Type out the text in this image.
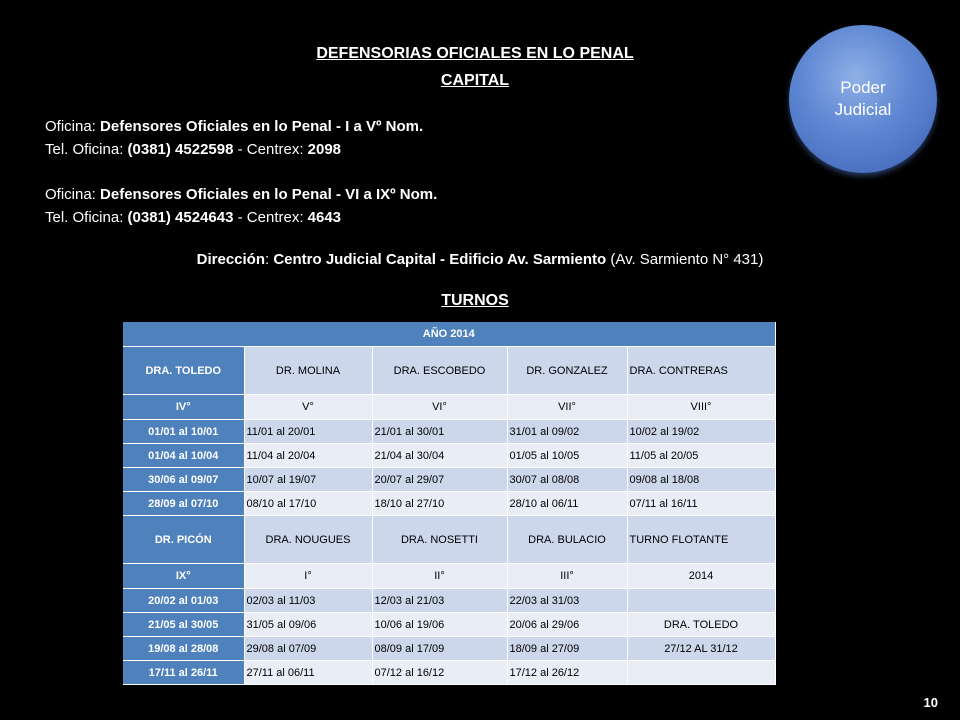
DEFENSORIAS OFICIALES EN LO PENAL
CAPITAL	Poder
Judicial
Oficina: Defensores Oficiales en lo Penal - I a Vº Nom.
Tel. Oficina: (0381) 4522598 - Centrex: 2098
Oficina: Defensores Oficiales en lo Penal - VI a IXº Nom.
Tel. Oficina: (0381) 4524643 - Centrex: 4643
Dirección: Centro Judicial Capital - Edificio Av. Sarmiento (Av. Sarmiento N° 431)
TURNOS
AÑO 2014				
DRA. TOLEDO	DR. MOLINA	DRA. ESCOBEDO	DR. GONZALEZ	DRA. CONTRERAS
IV°	V°	VI°	VII°	VIII°
01/01 al 10/01	11/01 al 20/01	21/01 al 30/01	31/01 al 09/02	10/02 al 19/02
01/04 al 10/04	11/04 al 20/04	21/04 al 30/04	01/05 al 10/05	11/05 al 20/05
30/06 al 09/07	10/07 al 19/07	20/07 al 29/07	30/07 al 08/08	09/08 al 18/08
28/09 al 07/10	08/10 al 17/10	18/10 al 27/10	28/10 al 06/11	07/11 al 16/11
DR. PICÓN	DRA. NOUGUES	DRA. NOSETTI	DRA. BULACIO	TURNO FLOTANTE
IX°	I°	II°	III°	2014
20/02 al 01/03	02/03 al 11/03	12/03 al 21/03	22/03 al 31/03	
21/05 al 30/05	31/05 al 09/06	10/06 al 19/06	20/06 al 29/06	DRA. TOLEDO
19/08 al 28/08	29/08 al 07/09	08/09 al 17/09	18/09 al 27/09	27/12 AL 31/12
17/11 al 26/11	27/11 al 06/11	07/12 al 16/12	17/12 al 26/12	
10
